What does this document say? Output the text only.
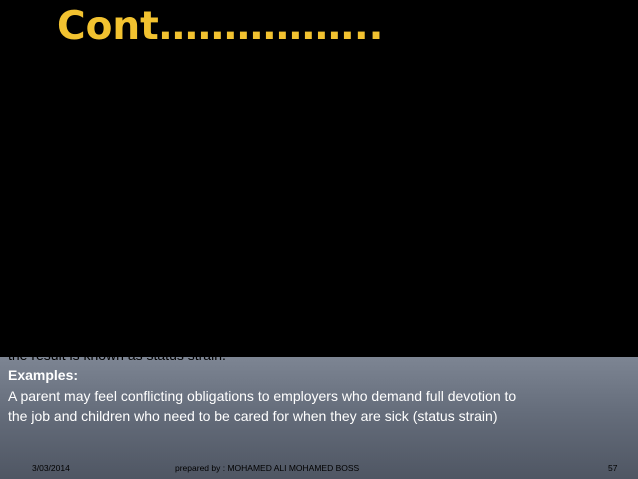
Cont……………..
Definition: Role conflict occurs when people are confronted with incompatible role
expectations in the various social statuses they occupy. Role conflict can take
several different forms. When the roles are associated with two different statuses,
the result is known as status strain.
Examples:
A parent may feel conflicting obligations to employers who demand full devotion to
the job and children who need to be cared for when they are sick (status strain)
3/03/2014	prepared by : MOHAMED ALI MOHAMED BOSS	57
